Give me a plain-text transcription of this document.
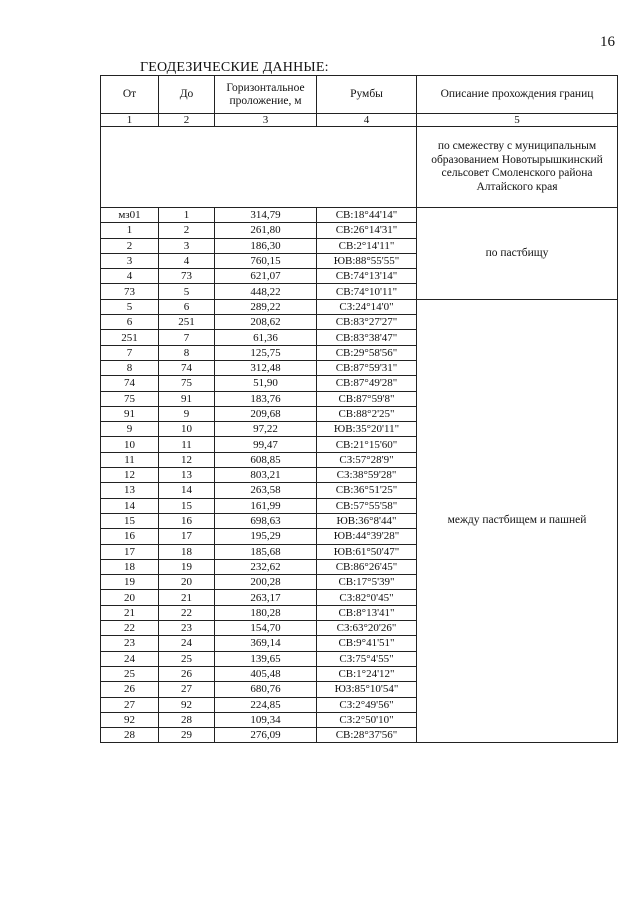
16
ГЕОДЕЗИЧЕСКИЕ ДАННЫЕ:
От	До	Горизонтальное проложение, м	Румбы	Описание прохождения границ
1	2	3	4	5
				по смежеству с муниципальным образованием Новотырышкинский сельсовет Смоленского района Алтайского края
мз01	1	314,79	СВ:18°44'14"	по пастбищу
1	2	261,80	СВ:26°14'31"	
2	3	186,30	СВ:2°14'11"	
3	4	760,15	ЮВ:88°55'55"	
4	73	621,07	СВ:74°13'14"	
73	5	448,22	СВ:74°10'11"	
5	6	289,22	СЗ:24°14'0"	между пастбищем и пашней
6	251	208,62	СВ:83°27'27"	
251	7	61,36	СВ:83°38'47"	
7	8	125,75	СВ:29°58'56"	
8	74	312,48	СВ:87°59'31"	
74	75	51,90	СВ:87°49'28"	
75	91	183,76	СВ:87°59'8"	
91	9	209,68	СВ:88°2'25"	
9	10	97,22	ЮВ:35°20'11"	
10	11	99,47	СВ:21°15'60"	
11	12	608,85	СЗ:57°28'9"	
12	13	803,21	СЗ:38°59'28"	
13	14	263,58	СВ:36°51'25"	
14	15	161,99	СВ:57°55'58"	
15	16	698,63	ЮВ:36°8'44"	
16	17	195,29	ЮВ:44°39'28"	
17	18	185,68	ЮВ:61°50'47"	
18	19	232,62	СВ:86°26'45"	
19	20	200,28	СВ:17°5'39"	
20	21	263,17	СЗ:82°0'45"	
21	22	180,28	СВ:8°13'41"	
22	23	154,70	СЗ:63°20'26"	
23	24	369,14	СВ:9°41'51"	
24	25	139,65	СЗ:75°4'55"	
25	26	405,48	СВ:1°24'12"	
26	27	680,76	ЮЗ:85°10'54"	
27	92	224,85	СЗ:2°49'56"	
92	28	109,34	СЗ:2°50'10"	
28	29	276,09	СВ:28°37'56"	
